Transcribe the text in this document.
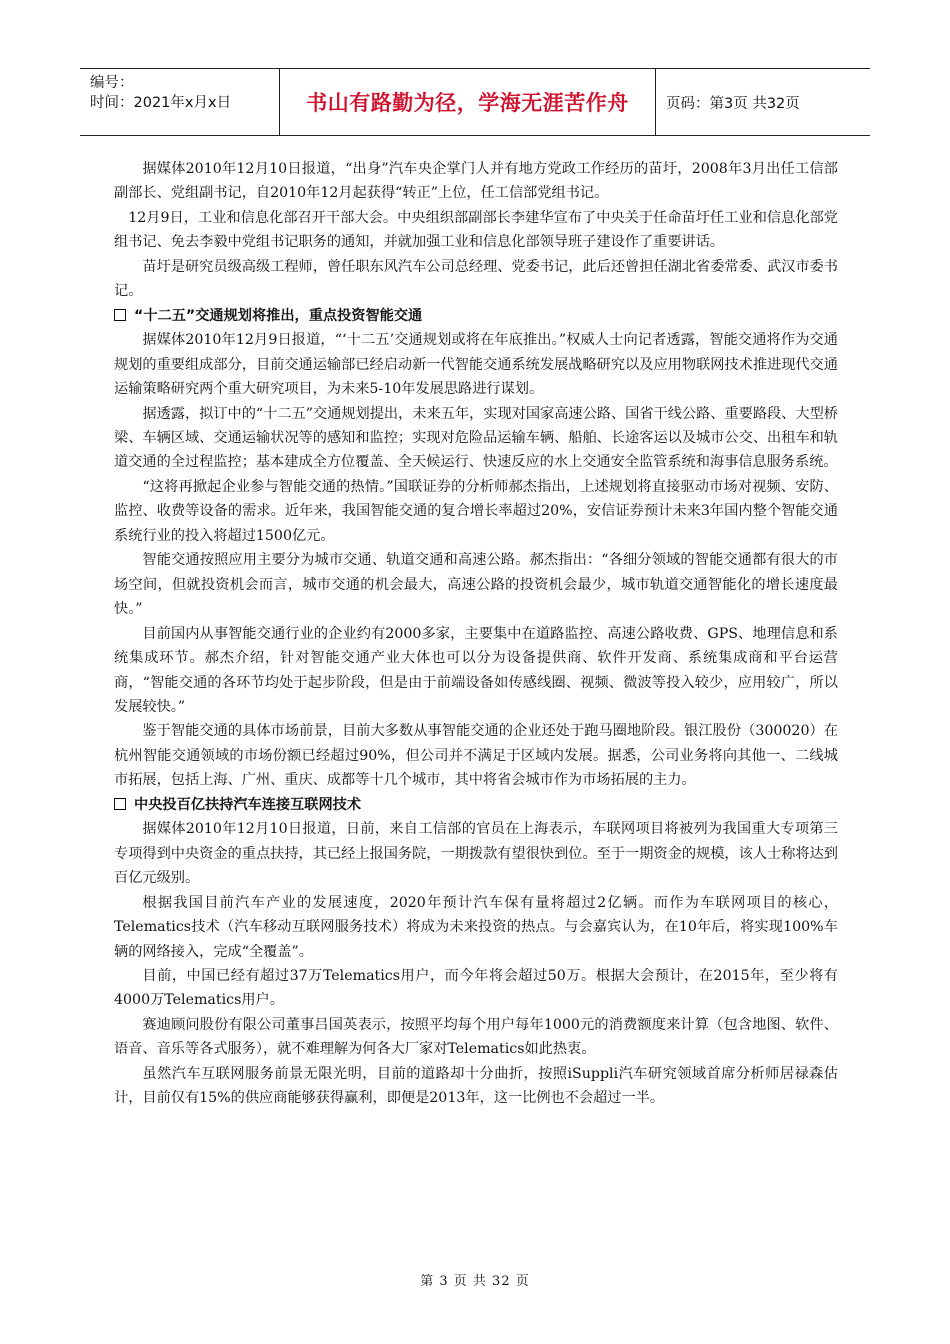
编号：
时间：2021年x月x日	书山有路勤为径，学海无涯苦作舟	页码：第3页 共32页

据媒体2010年12月10日报道，“出身”汽车央企掌门人并有地方党政工作经历的苗圩，2008年3月出任工信部副部长、党组副书记，自2010年12月起获得“转正”上位，任工信部党组书记。

12月9日，工业和信息化部召开干部大会。中央组织部副部长李建华宣布了中央关于任命苗圩任工业和信息化部党组书记、免去李毅中党组书记职务的通知，并就加强工业和信息化部领导班子建设作了重要讲话。

苗圩是研究员级高级工程师，曾任职东风汽车公司总经理、党委书记，此后还曾担任湖北省委常委、武汉市委书记。

“十二五”交通规划将推出，重点投资智能交通

据媒体2010年12月9日报道，“‘十二五’交通规划或将在年底推出。”权威人士向记者透露，智能交通将作为交通规划的重要组成部分，目前交通运输部已经启动新一代智能交通系统发展战略研究以及应用物联网技术推进现代交通运输策略研究两个重大研究项目，为未来5-10年发展思路进行谋划。

据透露，拟订中的“十二五”交通规划提出，未来五年，实现对国家高速公路、国省干线公路、重要路段、大型桥梁、车辆区域、交通运输状况等的感知和监控；实现对危险品运输车辆、船舶、长途客运以及城市公交、出租车和轨道交通的全过程监控；基本建成全方位覆盖、全天候运行、快速反应的水上交通安全监管系统和海事信息服务系统。

“这将再掀起企业参与智能交通的热情。”国联证券的分析师郝杰指出，上述规划将直接驱动市场对视频、安防、监控、收费等设备的需求。近年来，我国智能交通的复合增长率超过20%，安信证券预计未来3年国内整个智能交通系统行业的投入将超过1500亿元。

智能交通按照应用主要分为城市交通、轨道交通和高速公路。郝杰指出：“各细分领域的智能交通都有很大的市场空间，但就投资机会而言，城市交通的机会最大，高速公路的投资机会最少，城市轨道交通智能化的增长速度最快。”

目前国内从事智能交通行业的企业约有2000多家，主要集中在道路监控、高速公路收费、GPS、地理信息和系统集成环节。郝杰介绍，针对智能交通产业大体也可以分为设备提供商、软件开发商、系统集成商和平台运营商，“智能交通的各环节均处于起步阶段，但是由于前端设备如传感线圈、视频、微波等投入较少，应用较广，所以发展较快。”

鉴于智能交通的具体市场前景，目前大多数从事智能交通的企业还处于跑马圈地阶段。银江股份（300020）在杭州智能交通领域的市场份额已经超过90%，但公司并不满足于区域内发展。据悉，公司业务将向其他一、二线城市拓展，包括上海、广州、重庆、成都等十几个城市，其中将省会城市作为市场拓展的主力。

中央投百亿扶持汽车连接互联网技术

据媒体2010年12月10日报道，日前，来自工信部的官员在上海表示，车联网项目将被列为我国重大专项第三专项得到中央资金的重点扶持，其已经上报国务院，一期拨款有望很快到位。至于一期资金的规模，该人士称将达到百亿元级别。

根据我国目前汽车产业的发展速度，2020年预计汽车保有量将超过2亿辆。而作为车联网项目的核心，Telematics技术（汽车移动互联网服务技术）将成为未来投资的热点。与会嘉宾认为，在10年后，将实现100%车辆的网络接入，完成“全覆盖”。

目前，中国已经有超过37万Telematics用户，而今年将会超过50万。根据大会预计，在2015年，至少将有4000万Telematics用户。

赛迪顾问股份有限公司董事吕国英表示，按照平均每个用户每年1000元的消费额度来计算（包含地图、软件、语音、音乐等各式服务），就不难理解为何各大厂家对Telematics如此热衷。

虽然汽车互联网服务前景无限光明，目前的道路却十分曲折，按照iSuppli汽车研究领域首席分析师居禄森估计，目前仅有15%的供应商能够获得赢利，即便是2013年，这一比例也不会超过一半。

第 3 页 共 32 页
